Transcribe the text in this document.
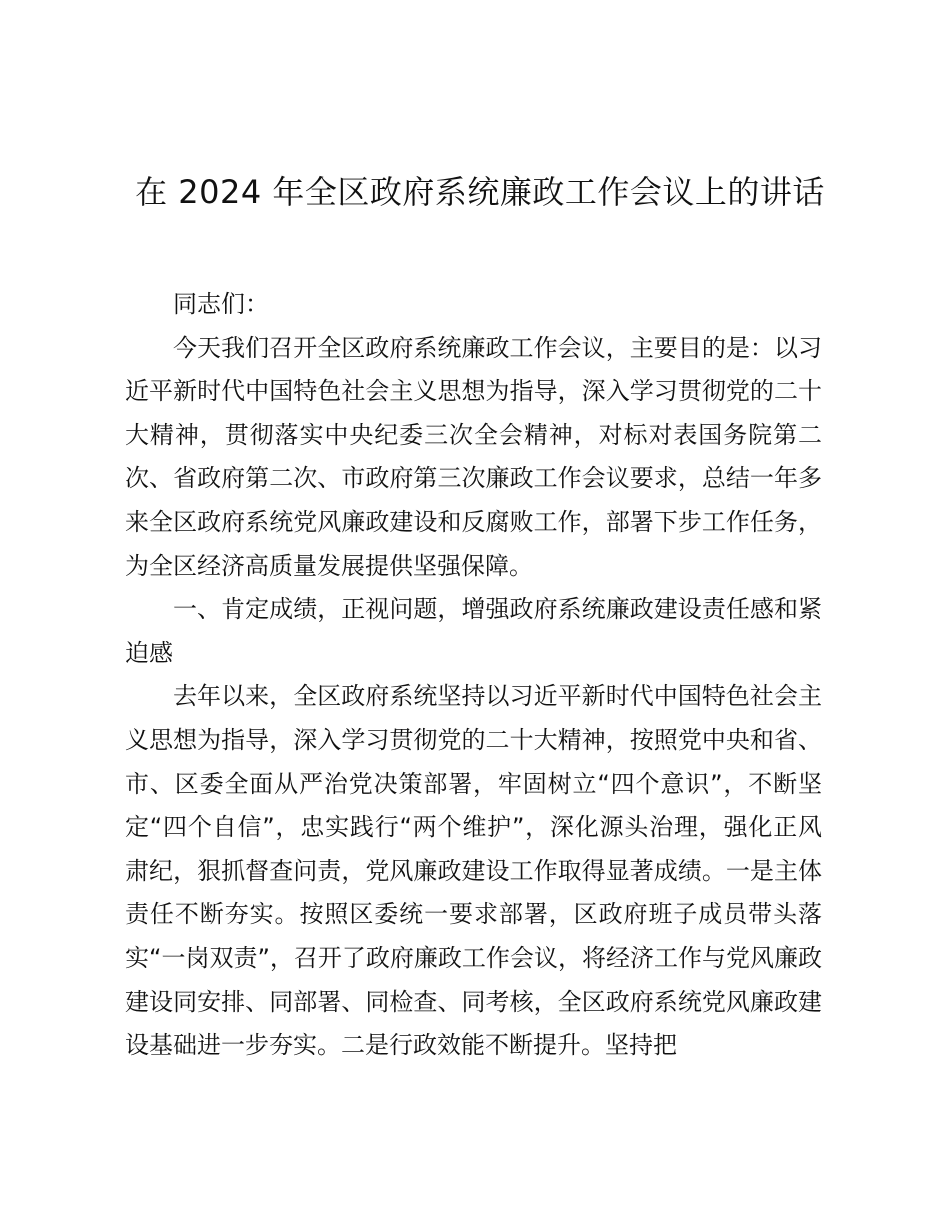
在 2024 年全区政府系统廉政工作会议上的讲话

同志们：

今天我们召开全区政府系统廉政工作会议，主要目的是：以习近平新时代中国特色社会主义思想为指导，深入学习贯彻党的二十大精神，贯彻落实中央纪委三次全会精神，对标对表国务院第二次、省政府第二次、市政府第三次廉政工作会议要求，总结一年多来全区政府系统党风廉政建设和反腐败工作，部署下步工作任务，为全区经济高质量发展提供坚强保障。

一、肯定成绩，正视问题，增强政府系统廉政建设责任感和紧迫感

去年以来，全区政府系统坚持以习近平新时代中国特色社会主义思想为指导，深入学习贯彻党的二十大精神，按照党中央和省、市、区委全面从严治党决策部署，牢固树立“四个意识”，不断坚定“四个自信”，忠实践行“两个维护”，深化源头治理，强化正风肃纪，狠抓督查问责，党风廉政建设工作取得显著成绩。一是主体责任不断夯实。按照区委统一要求部署，区政府班子成员带头落实“一岗双责”，召开了政府廉政工作会议，将经济工作与党风廉政建设同安排、同部署、同检查、同考核，全区政府系统党风廉政建设基础进一步夯实。二是行政效能不断提升。坚持把
